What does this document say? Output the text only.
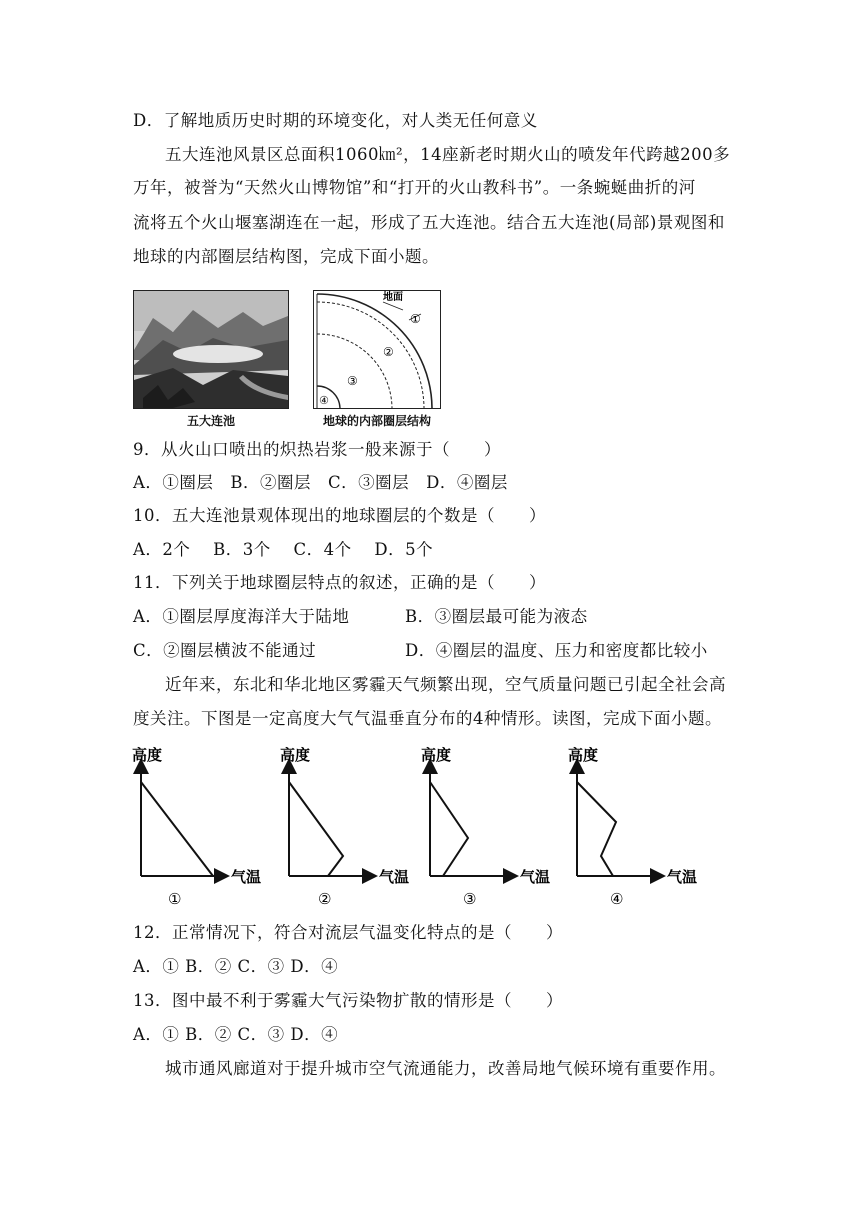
D．了解地质历史时期的环境变化，对人类无任何意义
五大连池风景区总面积1060㎞²，14座新老时期火山的喷发年代跨越200多
万年，被誉为“天然火山博物馆”和“打开的火山教科书”。一条蜿蜒曲折的河
流将五个火山堰塞湖连在一起，形成了五大连池。结合五大连池(局部)景观图和
地球的内部圈层结构图，完成下面小题。
五大连池
地面
①
②
③
④
地球的内部圈层结构
9．从火山口喷出的炽热岩浆一般来源于（　　）
A．①圈层　B．②圈层　C．③圈层　D．④圈层
10．五大连池景观体现出的地球圈层的个数是（　　）
A．2个　 B．3个　 C．4个　 D．5个
11．下列关于地球圈层特点的叙述，正确的是（　　）
A．①圈层厚度海洋大于陆地	B．③圈层最可能为液态
C．②圈层横波不能通过	D．④圈层的温度、压力和密度都比较小
近年来，东北和华北地区雾霾天气频繁出现，空气质量问题已引起全社会高
度关注。下图是一定高度大气气温垂直分布的4种情形。读图，完成下面小题。
高度
气温
①
高度
气温
②
高度
气温
③
高度
气温
④
12．正常情况下，符合对流层气温变化特点的是（　　）
A．① B．② C．③ D．④
13．图中最不利于雾霾大气污染物扩散的情形是（　　）
A．① B．② C．③ D．④
城市通风廊道对于提升城市空气流通能力，改善局地气候环境有重要作用。
